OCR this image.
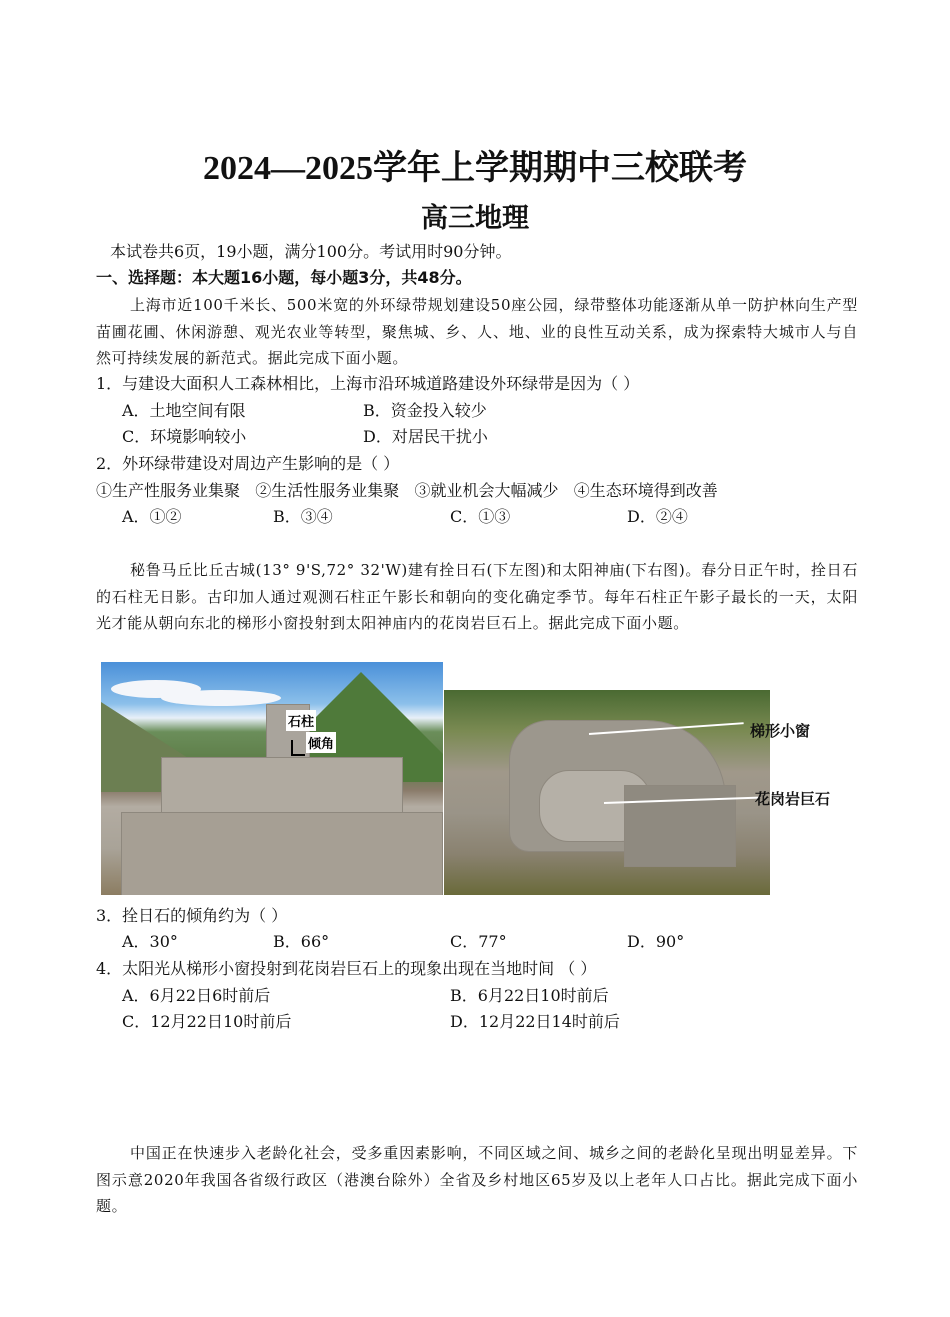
2024—2025学年上学期期中三校联考
高三地理
本试卷共6页，19小题，满分100分。考试用时90分钟。
一、选择题：本大题16小题，每小题3分，共48分。
上海市近100千米长、500米宽的外环绿带规划建设50座公园，绿带整体功能逐渐从单一防护林向生产型苗圃花圃、休闲游憩、观光农业等转型，聚焦城、乡、人、地、业的良性互动关系，成为探索特大城市人与自然可持续发展的新范式。据此完成下面小题。
1．与建设大面积人工森林相比，上海市沿环城道路建设外环绿带是因为（ ）
A．土地空间有限	B．资金投入较少
C．环境影响较小	D．对居民干扰小
2．外环绿带建设对周边产生影响的是（ ）
①生产性服务业集聚   ②生活性服务业集聚   ③就业机会大幅减少   ④生态环境得到改善
A．①②	B．③④	C．①③	D．②④
秘鲁马丘比丘古城(13° 9'S,72° 32'W)建有拴日石(下左图)和太阳神庙(下右图)。春分日正午时，拴日石的石柱无日影。古印加人通过观测石柱正午影长和朝向的变化确定季节。每年石柱正午影子最长的一天，太阳光才能从朝向东北的梯形小窗投射到太阳神庙内的花岗岩巨石上。据此完成下面小题。
石柱
倾角
梯形小窗
花岗岩巨石
3．拴日石的倾角约为（ ）
A．30°	B．66°	C．77°	D．90°
4．太阳光从梯形小窗投射到花岗岩巨石上的现象出现在当地时间 （ ）
A．6月22日6时前后	B．6月22日10时前后
C．12月22日10时前后	D．12月22日14时前后
中国正在快速步入老龄化社会，受多重因素影响，不同区域之间、城乡之间的老龄化呈现出明显差异。下图示意2020年我国各省级行政区（港澳台除外）全省及乡村地区65岁及以上老年人口占比。据此完成下面小题。
